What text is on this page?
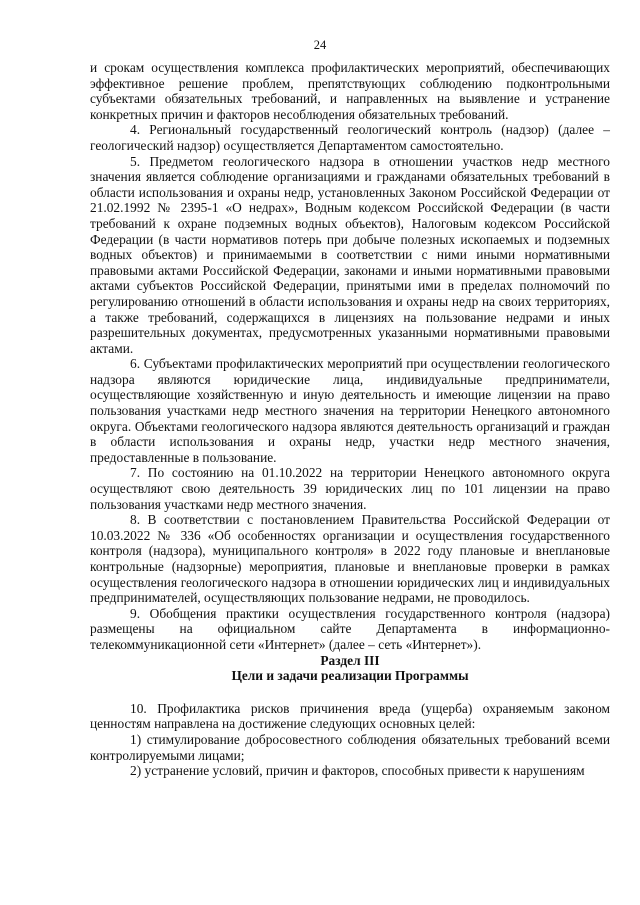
24

и срокам осуществления комплекса профилактических мероприятий, обеспечивающих эффективное решение проблем, препятствующих соблюдению подконтрольными субъектами обязательных требований, и направленных на выявление и устранение конкретных причин и факторов несоблюдения обязательных требований.

4. Региональный государственный геологический контроль (надзор) (далее – геологический надзор) осуществляется Департаментом самостоятельно.

5. Предметом геологического надзора в отношении участков недр местного значения является соблюдение организациями и гражданами обязательных требований в области использования и охраны недр, установленных Законом Российской Федерации от 21.02.1992 № 2395-1 «О недрах», Водным кодексом Российской Федерации (в части требований к охране подземных водных объектов), Налоговым кодексом Российской Федерации (в части нормативов потерь при добыче полезных ископаемых и подземных водных объектов) и принимаемыми в соответствии с ними иными нормативными правовыми актами Российской Федерации, законами и иными нормативными правовыми актами субъектов Российской Федерации, принятыми ими в пределах полномочий по регулированию отношений в области использования и охраны недр на своих территориях, а также требований, содержащихся в лицензиях на пользование недрами и иных разрешительных документах, предусмотренных указанными нормативными правовыми актами.

6. Субъектами профилактических мероприятий при осуществлении геологического надзора являются юридические лица, индивидуальные предприниматели, осуществляющие хозяйственную и иную деятельность и имеющие лицензии на право пользования участками недр местного значения на территории Ненецкого автономного округа. Объектами геологического надзора являются деятельность организаций и граждан в области использования и охраны недр, участки недр местного значения, предоставленные в пользование.

7. По состоянию на 01.10.2022 на территории Ненецкого автономного округа осуществляют свою деятельность 39 юридических лиц по 101 лицензии на право пользования участками недр местного значения.

8. В соответствии с постановлением Правительства Российской Федерации от 10.03.2022 № 336 «Об особенностях организации и осуществления государственного контроля (надзора), муниципального контроля» в 2022 году плановые и внеплановые контрольные (надзорные) мероприятия, плановые и внеплановые проверки в рамках осуществления геологического надзора в отношении юридических лиц и индивидуальных предпринимателей, осуществляющих пользование недрами, не проводилось.

9. Обобщения практики осуществления государственного контроля (надзора) размещены на официальном сайте Департамента в информационно-телекоммуникационной сети «Интернет» (далее – сеть «Интернет»).

Раздел III
Цели и задачи реализации Программы

10. Профилактика рисков причинения вреда (ущерба) охраняемым законом ценностям направлена на достижение следующих основных целей:

1) стимулирование добросовестного соблюдения обязательных требований всеми контролируемыми лицами;

2) устранение условий, причин и факторов, способных привести к нарушениям
